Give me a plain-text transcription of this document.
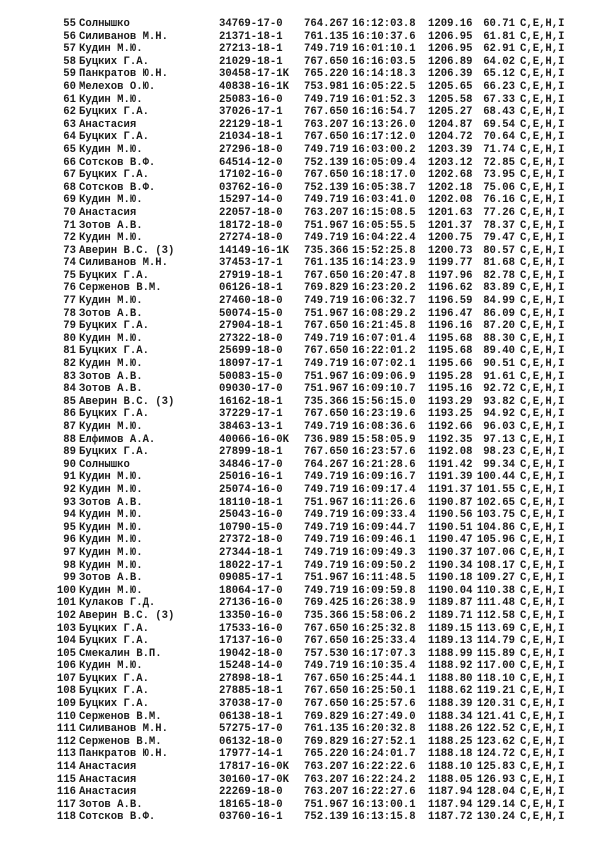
55 Солнышко	34769-17-0 764.267 16:12:03.8 1209.16	60.71 C,E,H,I
56 Силиванов М.Н.	21371-18-1 761.135 16:10:37.6 1206.95	61.81 C,E,H,I
57 Кудин М.Ю.	27213-18-1 749.719 16:01:10.1 1206.95	62.91 C,E,H,I
58 Буцких Г.А.	21029-18-1 767.650 16:16:03.5 1206.89	64.02 C,E,H,I
59 Панкратов Ю.Н.	30458-17-1K 765.220 16:14:18.3 1206.39	65.12 C,E,H,I
60 Мелехов О.Ю.	40838-16-1K 753.981 16:05:22.5 1205.65	66.23 C,E,H,I
61 Кудин М.Ю.	25083-16-0 749.719 16:01:52.3 1205.58	67.33 C,E,H,I
62 Буцких Г.А.	37026-17-1 767.650 16:16:54.7 1205.27	68.43 C,E,H,I
63 Анастасия	22129-18-1 763.207 16:13:26.0 1204.87	69.54 C,E,H,I
64 Буцких Г.А.	21034-18-1 767.650 16:17:12.0 1204.72	70.64 C,E,H,I
65 Кудин М.Ю.	27296-18-0 749.719 16:03:00.2 1203.39	71.74 C,E,H,I
66 Сотсков В.Ф.	64514-12-0 752.139 16:05:09.4 1203.12	72.85 C,E,H,I
67 Буцких Г.А.	17102-16-0 767.650 16:18:17.0 1202.68	73.95 C,E,H,I
68 Сотсков В.Ф.	03762-16-0 752.139 16:05:38.7 1202.18	75.06 C,E,H,I
69 Кудин М.Ю.	15297-14-0 749.719 16:03:41.0 1202.08	76.16 C,E,H,I
70 Анастасия	22057-18-0 763.207 16:15:08.5 1201.63	77.26 C,E,H,I
71 Зотов А.В.	18172-18-0 751.967 16:05:55.5 1201.37	78.37 C,E,H,I
72 Кудин М.Ю.	27274-18-0 749.719 16:04:22.4 1200.75	79.47 C,E,H,I
73 Аверин В.С. (3)	14149-16-1K 735.366 15:52:25.8 1200.73	80.57 C,E,H,I
74 Силиванов М.Н.	37453-17-1 761.135 16:14:23.9 1199.77	81.68 C,E,H,I
75 Буцких Г.А.	27919-18-1 767.650 16:20:47.8 1197.96	82.78 C,E,H,I
76 Серженов В.М.	06126-18-1 769.829 16:23:20.2 1196.62	83.89 C,E,H,I
77 Кудин М.Ю.	27460-18-0 749.719 16:06:32.7 1196.59	84.99 C,E,H,I
78 Зотов А.В.	50074-15-0 751.967 16:08:29.2 1196.47	86.09 C,E,H,I
79 Буцких Г.А.	27904-18-1 767.650 16:21:45.8 1196.16	87.20 C,E,H,I
80 Кудин М.Ю.	27322-18-0 749.719 16:07:01.4 1195.68	88.30 C,E,H,I
81 Буцких Г.А.	25699-18-0 767.650 16:22:01.2 1195.68	89.40 C,E,H,I
82 Кудин М.Ю.	18097-17-1 749.719 16:07:02.1 1195.66	90.51 C,E,H,I
83 Зотов А.В.	50083-15-0 751.967 16:09:06.9 1195.28	91.61 C,E,H,I
84 Зотов А.В.	09030-17-0 751.967 16:09:10.7 1195.16	92.72 C,E,H,I
85 Аверин В.С. (3)	16162-18-1 735.366 15:56:15.0 1193.29	93.82 C,E,H,I
86 Буцких Г.А.	37229-17-1 767.650 16:23:19.6 1193.25	94.92 C,E,H,I
87 Кудин М.Ю.	38463-13-1 749.719 16:08:36.6 1192.66	96.03 C,E,H,I
88 Елфимов А.А.	40066-16-0K 736.989 15:58:05.9 1192.35	97.13 C,E,H,I
89 Буцких Г.А.	27899-18-1 767.650 16:23:57.6 1192.08	98.23 C,E,H,I
90 Солнышко	34846-17-0 764.267 16:21:28.6 1191.42	99.34 C,E,H,I
91 Кудин М.Ю.	25016-16-1 749.719 16:09:16.7 1191.39 100.44 C,E,H,I
92 Кудин М.Ю.	25074-16-0 749.719 16:09:17.4 1191.37 101.55 C,E,H,I
93 Зотов А.В.	18110-18-1 751.967 16:11:26.6 1190.87 102.65 C,E,H,I
94 Кудин М.Ю.	25043-16-0 749.719 16:09:33.4 1190.56 103.75 C,E,H,I
95 Кудин М.Ю.	10790-15-0 749.719 16:09:44.7 1190.51 104.86 C,E,H,I
96 Кудин М.Ю.	27372-18-0 749.719 16:09:46.1 1190.47 105.96 C,E,H,I
97 Кудин М.Ю.	27344-18-1 749.719 16:09:49.3 1190.37 107.06 C,E,H,I
98 Кудин М.Ю.	18022-17-1 749.719 16:09:50.2 1190.34 108.17 C,E,H,I
99 Зотов А.В.	09085-17-1 751.967 16:11:48.5 1190.18 109.27 C,E,H,I
100 Кудин М.Ю.	18064-17-0 749.719 16:09:59.8 1190.04 110.38 C,E,H,I
101 Кулаков Г.Д.	27136-16-0 769.425 16:26:38.9 1189.87 111.48 C,E,H,I
102 Аверин В.С. (3)	13350-16-0 735.366 15:58:06.2 1189.71 112.58 C,E,H,I
103 Буцких Г.А.	17533-16-0 767.650 16:25:32.8 1189.15 113.69 C,E,H,I
104 Буцких Г.А.	17137-16-0 767.650 16:25:33.4 1189.13 114.79 C,E,H,I
105 Смекалин В.П.	19042-18-0 757.530 16:17:07.3 1188.99 115.89 C,E,H,I
106 Кудин М.Ю.	15248-14-0 749.719 16:10:35.4 1188.92 117.00 C,E,H,I
107 Буцких Г.А.	27898-18-1 767.650 16:25:44.1 1188.80 118.10 C,E,H,I
108 Буцких Г.А.	27885-18-1 767.650 16:25:50.1 1188.62 119.21 C,E,H,I
109 Буцких Г.А.	37038-17-0 767.650 16:25:57.6 1188.39 120.31 C,E,H,I
110 Серженов В.М.	06138-18-1 769.829 16:27:49.0 1188.34 121.41 C,E,H,I
111 Силиванов М.Н.	57275-17-0 761.135 16:20:32.8 1188.26 122.52 C,E,H,I
112 Серженов В.М.	06132-18-0 769.829 16:27:52.1 1188.25 123.62 C,E,H,I
113 Панкратов Ю.Н.	17977-14-1 765.220 16:24:01.7 1188.18 124.72 C,E,H,I
114 Анастасия	17817-16-0K 763.207 16:22:22.6 1188.10 125.83 C,E,H,I
115 Анастасия	30160-17-0K 763.207 16:22:24.2 1188.05 126.93 C,E,H,I
116 Анастасия	22269-18-0 763.207 16:22:27.6 1187.94 128.04 C,E,H,I
117 Зотов А.В.	18165-18-0 751.967 16:13:00.1 1187.94 129.14 C,E,H,I
118 Сотсков В.Ф.	03760-16-1 752.139 16:13:15.8 1187.72 130.24 C,E,H,I
